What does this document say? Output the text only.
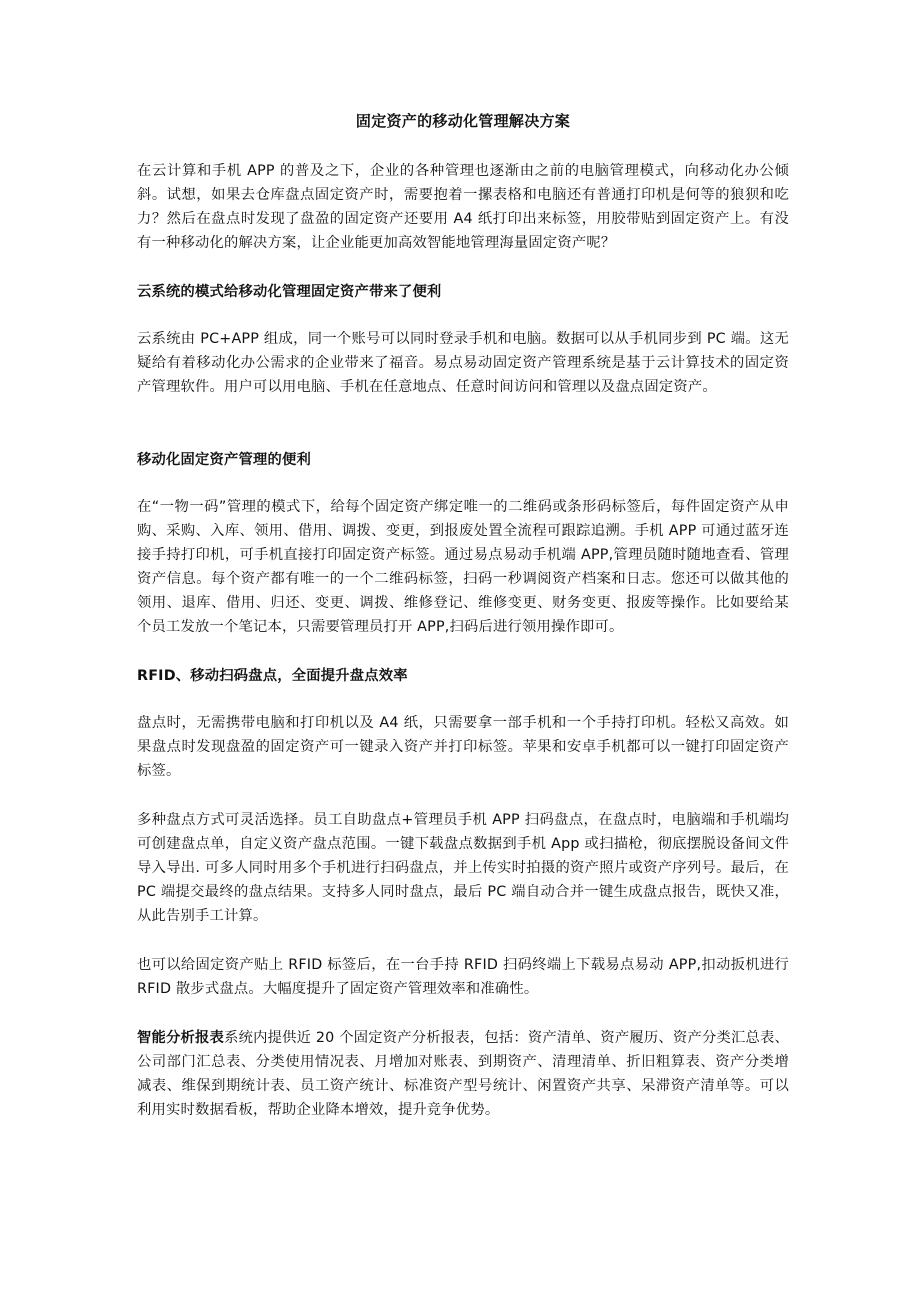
固定资产的移动化管理解决方案

在云计算和手机 APP 的普及之下，企业的各种管理也逐渐由之前的电脑管理模式，向移动化办公倾斜。试想，如果去仓库盘点固定资产时，需要抱着一摞表格和电脑还有普通打印机是何等的狼狈和吃力？然后在盘点时发现了盘盈的固定资产还要用 A4 纸打印出来标签，用胶带贴到固定资产上。有没有一种移动化的解决方案，让企业能更加高效智能地管理海量固定资产呢？

云系统的模式给移动化管理固定资产带来了便利

云系统由 PC+APP 组成，同一个账号可以同时登录手机和电脑。数据可以从手机同步到 PC 端。这无疑给有着移动化办公需求的企业带来了福音。易点易动固定资产管理系统是基于云计算技术的固定资产管理软件。用户可以用电脑、手机在任意地点、任意时间访问和管理以及盘点固定资产。

移动化固定资产管理的便利

在“一物一码”管理的模式下，给每个固定资产绑定唯一的二维码或条形码标签后，每件固定资产从申购、采购、入库、领用、借用、调拨、变更，到报废处置全流程可跟踪追溯。手机 APP 可通过蓝牙连接手持打印机，可手机直接打印固定资产标签。通过易点易动手机端 APP,管理员随时随地查看、管理资产信息。每个资产都有唯一的一个二维码标签，扫码一秒调阅资产档案和日志。您还可以做其他的领用、退库、借用、归还、变更、调拨、维修登记、维修变更、财务变更、报废等操作。比如要给某个员工发放一个笔记本，只需要管理员打开 APP,扫码后进行领用操作即可。

RFID、移动扫码盘点，全面提升盘点效率

盘点时，无需携带电脑和打印机以及 A4 纸，只需要拿一部手机和一个手持打印机。轻松又高效。如果盘点时发现盘盈的固定资产可一键录入资产并打印标签。苹果和安卓手机都可以一键打印固定资产标签。

多种盘点方式可灵活选择。员工自助盘点+管理员手机 APP 扫码盘点，在盘点时，电脑端和手机端均可创建盘点单，自定义资产盘点范围。一键下载盘点数据到手机 App 或扫描枪，彻底摆脱设备间文件导入导出. 可多人同时用多个手机进行扫码盘点，并上传实时拍摄的资产照片或资产序列号。最后，在 PC 端提交最终的盘点结果。支持多人同时盘点，最后 PC 端自动合并一键生成盘点报告，既快又准，从此告别手工计算。

也可以给固定资产贴上 RFID 标签后，在一台手持 RFID 扫码终端上下载易点易动 APP,扣动扳机进行 RFID 散步式盘点。大幅度提升了固定资产管理效率和准确性。

智能分析报表系统内提供近 20 个固定资产分析报表，包括：资产清单、资产履历、资产分类汇总表、公司部门汇总表、分类使用情况表、月增加对账表、到期资产、清理清单、折旧粗算表、资产分类增减表、维保到期统计表、员工资产统计、标准资产型号统计、闲置资产共享、呆滞资产清单等。可以利用实时数据看板，帮助企业降本增效，提升竞争优势。
